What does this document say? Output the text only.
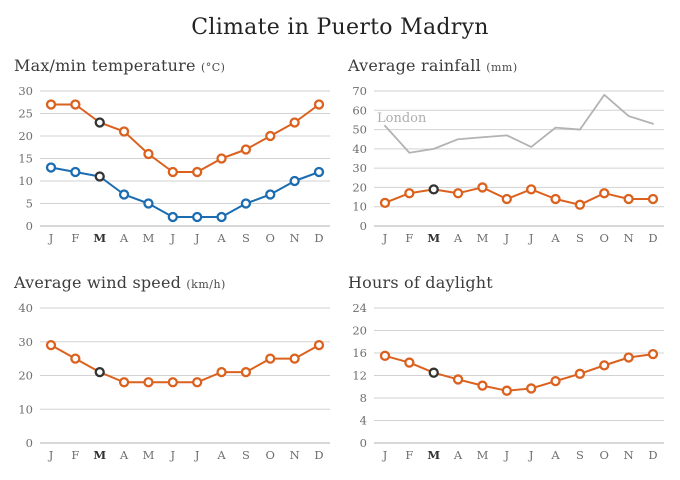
Climate in Puerto Madryn
Max/min temperature (°C)
0
5
10
15
20
25
30
J F M A M J J A S O N D
Average rainfall (mm)
0
10
20
30
40
50
60
70
J F M A M J J A S O N D
London
Average wind speed (km/h)
0
10
20
30
40
J F M A M J J A S O N D
Hours of daylight
0
4
8
12
16
20
24
J F M A M J J A S O N D
